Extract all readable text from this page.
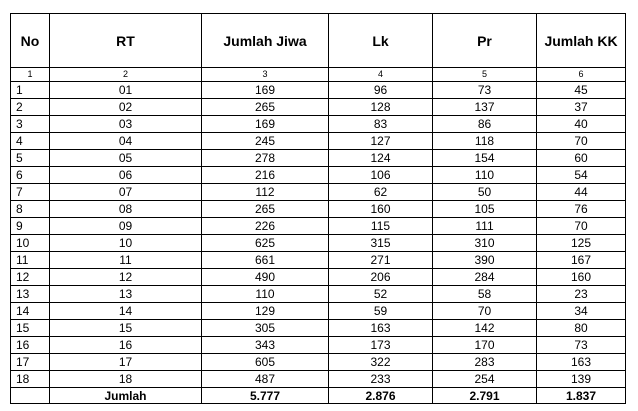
No	RT	Jumlah Jiwa	Lk	Pr	Jumlah KK
1	2	3	4	5	6
1	01	169	96	73	45
2	02	265	128	137	37
3	03	169	83	86	40
4	04	245	127	118	70
5	05	278	124	154	60
6	06	216	106	110	54
7	07	112	62	50	44
8	08	265	160	105	76
9	09	226	115	111	70
10	10	625	315	310	125
11	11	661	271	390	167
12	12	490	206	284	160
13	13	110	52	58	23
14	14	129	59	70	34
15	15	305	163	142	80
16	16	343	173	170	73
17	17	605	322	283	163
18	18	487	233	254	139
	Jumlah	5.777	2.876	2.791	1.837
